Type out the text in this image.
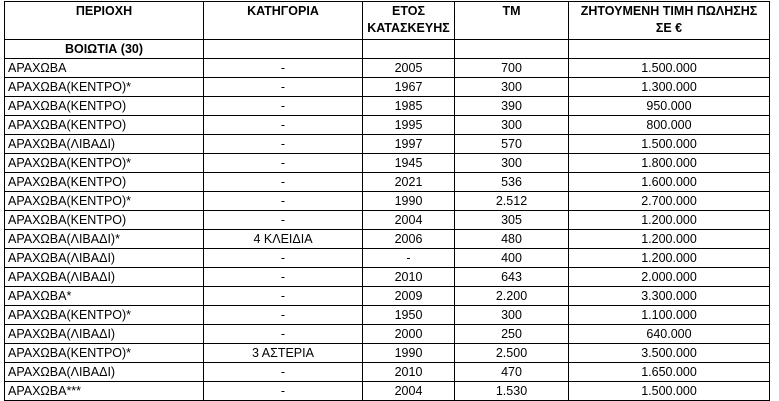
ΠΕΡΙΟΧΗ	ΚΑΤΗΓΟΡΙΑ	ΕΤΟΣ
ΚΑΤΑΣΚΕΥΗΣ	ΤΜ	ΖΗΤΟΥΜΕΝΗ ΤΙΜΗ ΠΩΛΗΣΗΣ
ΣΕ €
ΒΟΙΩΤΙΑ (30)				
ΑΡΑΧΩΒΑ	-	2005	700	1.500.000
ΑΡΑΧΩΒΑ(ΚΕΝΤΡΟ)*	-	1967	300	1.300.000
ΑΡΑΧΩΒΑ(ΚΕΝΤΡΟ)	-	1985	390	950.000
ΑΡΑΧΩΒΑ(ΚΕΝΤΡΟ)	-	1995	300	800.000
ΑΡΑΧΩΒΑ(ΛΙΒΑΔΙ)	-	1997	570	1.500.000
ΑΡΑΧΩΒΑ(ΚΕΝΤΡΟ)*	-	1945	300	1.800.000
ΑΡΑΧΩΒΑ(ΚΕΝΤΡΟ)	-	2021	536	1.600.000
ΑΡΑΧΩΒΑ(ΚΕΝΤΡΟ)*	-	1990	2.512	2.700.000
ΑΡΑΧΩΒΑ(ΚΕΝΤΡΟ)	-	2004	305	1.200.000
ΑΡΑΧΩΒΑ(ΛΙΒΑΔΙ)*	4 ΚΛΕΙΔΙΑ	2006	480	1.200.000
ΑΡΑΧΩΒΑ(ΛΙΒΑΔΙ)	-	-	400	1.200.000
ΑΡΑΧΩΒΑ(ΛΙΒΑΔΙ)	-	2010	643	2.000.000
ΑΡΑΧΩΒΑ*	-	2009	2.200	3.300.000
ΑΡΑΧΩΒΑ(ΚΕΝΤΡΟ)*	-	1950	300	1.100.000
ΑΡΑΧΩΒΑ(ΛΙΒΑΔΙ)	-	2000	250	640.000
ΑΡΑΧΩΒΑ(ΚΕΝΤΡΟ)*	3 ΑΣΤΕΡΙΑ	1990	2.500	3.500.000
ΑΡΑΧΩΒΑ(ΛΙΒΑΔΙ)	-	2010	470	1.650.000
ΑΡΑΧΩΒΑ***	-	2004	1.530	1.500.000
